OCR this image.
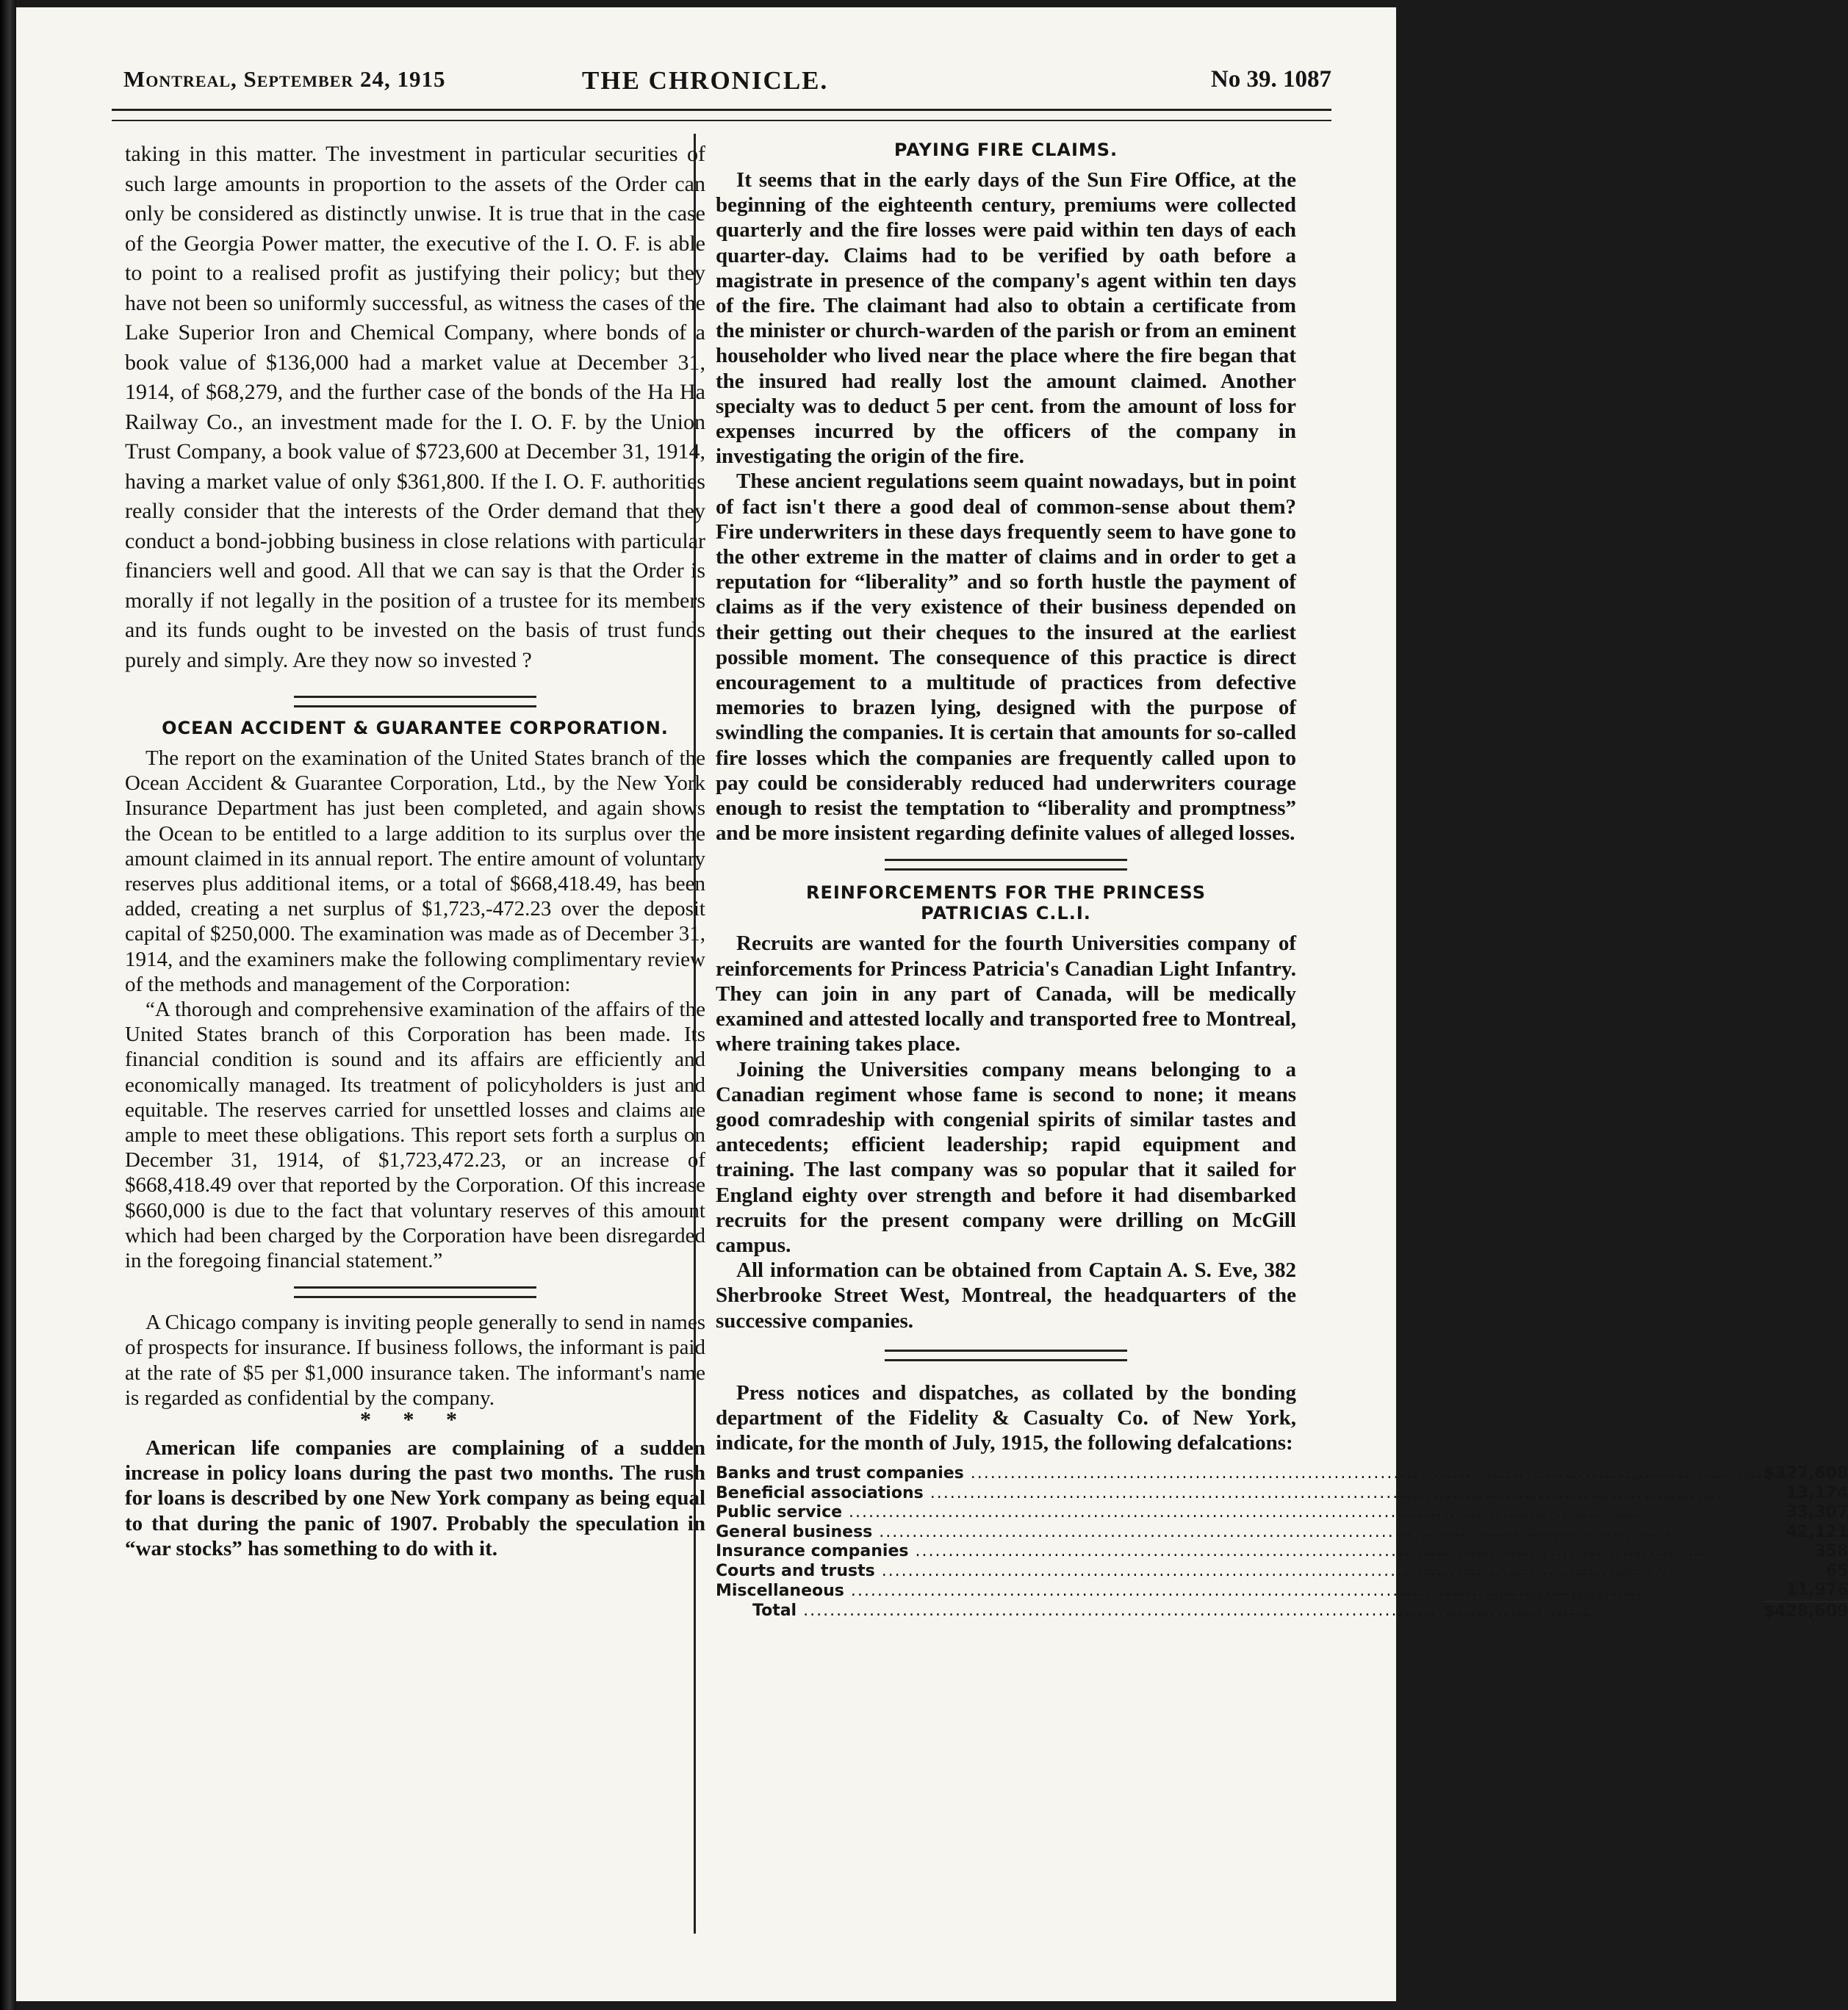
Montreal, September 24, 1915	THE CHRONICLE.	No 39. 1087

taking in this matter. The investment in particular securities of such large amounts in proportion to the assets of the Order can only be considered as distinctly unwise. It is true that in the case of the Georgia Power matter, the executive of the I. O. F. is able to point to a realised profit as justifying their policy; but they have not been so uniformly successful, as witness the cases of the Lake Superior Iron and Chemical Company, where bonds of a book value of $136,000 had a market value at December 31, 1914, of $68,279, and the further case of the bonds of the Ha Ha Railway Co., an investment made for the I. O. F. by the Union Trust Company, a book value of $723,600 at December 31, 1914, having a market value of only $361,800. If the I. O. F. authorities really consider that the interests of the Order demand that they conduct a bond-jobbing business in close relations with particular financiers well and good. All that we can say is that the Order is morally if not legally in the position of a trustee for its members and its funds ought to be invested on the basis of trust funds purely and simply. Are they now so invested ?

OCEAN ACCIDENT & GUARANTEE CORPORATION.

The report on the examination of the United States branch of the Ocean Accident & Guarantee Corporation, Ltd., by the New York Insurance Department has just been completed, and again shows the Ocean to be entitled to a large addition to its surplus over the amount claimed in its annual report. The entire amount of voluntary reserves plus additional items, or a total of $668,418.49, has been added, creating a net surplus of $1,723,-472.23 over the deposit capital of $250,000. The examination was made as of December 31, 1914, and the examiners make the following complimentary review of the methods and management of the Corporation:

“A thorough and comprehensive examination of the affairs of the United States branch of this Corporation has been made. Its financial condition is sound and its affairs are efficiently and economically managed. Its treatment of policyholders is just and equitable. The reserves carried for unsettled losses and claims are ample to meet these obligations. This report sets forth a surplus on December 31, 1914, of $1,723,472.23, or an increase of $668,418.49 over that reported by the Corporation. Of this increase $660,000 is due to the fact that voluntary reserves of this amount which had been charged by the Corporation have been disregarded in the foregoing financial statement.”

A Chicago company is inviting people generally to send in names of prospects for insurance. If business follows, the informant is paid at the rate of $5 per $1,000 insurance taken. The informant's name is regarded as confidential by the company.

* * *

American life companies are complaining of a sudden increase in policy loans during the past two months. The rush for loans is described by one New York company as being equal to that during the panic of 1907. Probably the speculation in “war stocks” has something to do with it.

PAYING FIRE CLAIMS.

It seems that in the early days of the Sun Fire Office, at the beginning of the eighteenth century, premiums were collected quarterly and the fire losses were paid within ten days of each quarter-day. Claims had to be verified by oath before a magistrate in presence of the company's agent within ten days of the fire. The claimant had also to obtain a certificate from the minister or church-warden of the parish or from an eminent householder who lived near the place where the fire began that the insured had really lost the amount claimed. Another specialty was to deduct 5 per cent. from the amount of loss for expenses incurred by the officers of the company in investigating the origin of the fire.

These ancient regulations seem quaint nowadays, but in point of fact isn't there a good deal of common-sense about them? Fire underwriters in these days frequently seem to have gone to the other extreme in the matter of claims and in order to get a reputation for “liberality” and so forth hustle the payment of claims as if the very existence of their business depended on their getting out their cheques to the insured at the earliest possible moment. The consequence of this practice is direct encouragement to a multitude of practices from defective memories to brazen lying, designed with the purpose of swindling the companies. It is certain that amounts for so-called fire losses which the companies are frequently called upon to pay could be considerably reduced had underwriters courage enough to resist the temptation to “liberality and promptness” and be more insistent regarding definite values of alleged losses.

REINFORCEMENTS FOR THE PRINCESS

PATRICIAS C.L.I.

Recruits are wanted for the fourth Universities company of reinforcements for Princess Patricia's Canadian Light Infantry. They can join in any part of Canada, will be medically examined and attested locally and transported free to Montreal, where training takes place.

Joining the Universities company means belonging to a Canadian regiment whose fame is second to none; it means good comradeship with congenial spirits of similar tastes and antecedents; efficient leadership; rapid equipment and training. The last company was so popular that it sailed for England eighty over strength and before it had disembarked recruits for the present company were drilling on McGill campus.

All information can be obtained from Captain A. S. Eve, 382 Sherbrooke Street West, Montreal, the headquarters of the successive companies.

Press notices and dispatches, as collated by the bonding department of the Fidelity & Casualty Co. of New York, indicate, for the month of July, 1915, the following defalcations:

Banks and trust companies .....	$327,608

Beneficial associations .....	13,174

Public service .....	33,307

General business .....	42,121

Insurance companies .....	358

Courts and trusts .....	65

Miscellaneous .....	11,976

Total .....	$428,609
